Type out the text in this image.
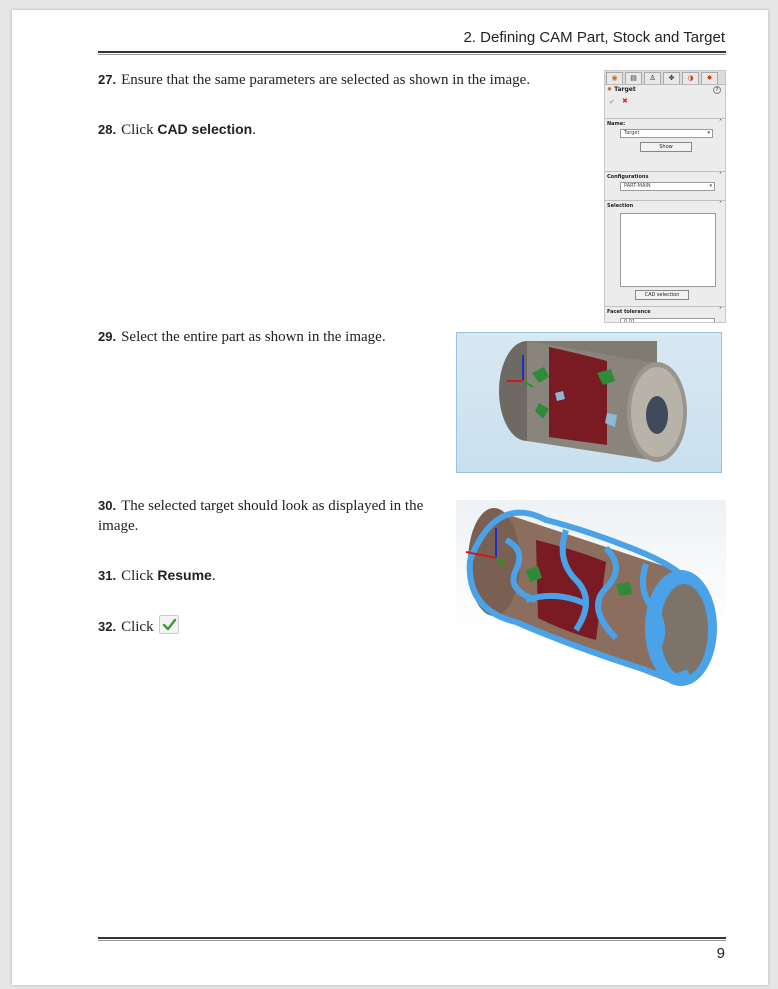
2. Defining CAM Part, Stock and Target
27. Ensure that the same parameters are selected as shown in the image.
28. Click CAD selection.
◉	▤	♙	✥	◑	✸
✸ Target	?
✔ ✖
Name:	˄
Target	▾
Show
Configurations	˄
PART-MAIN	▾
Selection	˄
CAD selection
Facet tolerance	˄
0.01
29. Select the entire part as shown in the image.
30. The selected target should look as displayed in the image.
31. Click Resume.
32. Click
9
